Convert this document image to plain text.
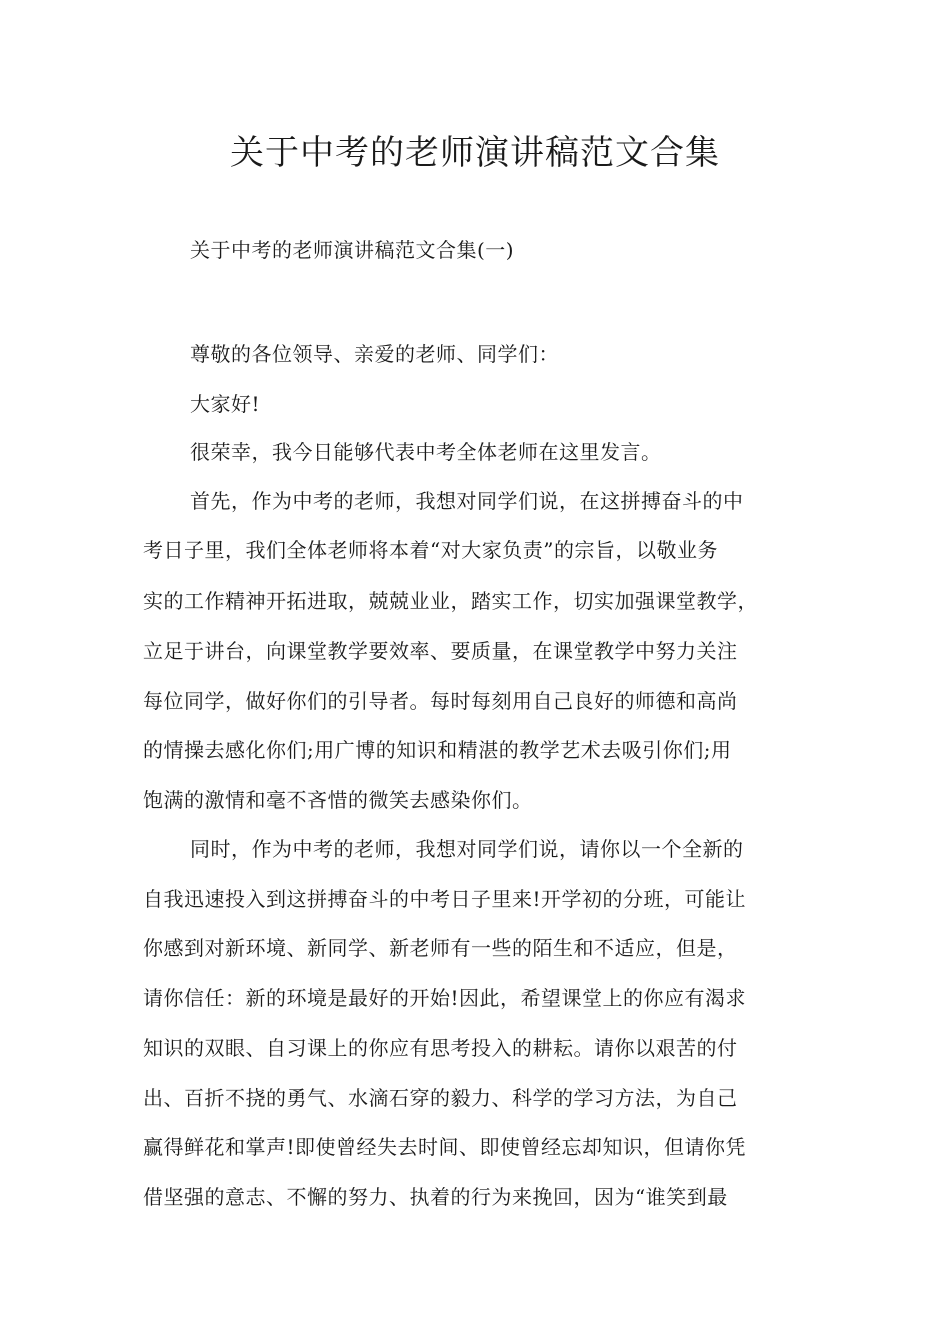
关于中考的老师演讲稿范文合集
关于中考的老师演讲稿范文合集(一)
尊敬的各位领导、亲爱的老师、同学们：
大家好!
很荣幸，我今日能够代表中考全体老师在这里发言。
首先，作为中考的老师，我想对同学们说，在这拼搏奋斗的中
考日子里，我们全体老师将本着“对大家负责”的宗旨，以敬业务
实的工作精神开拓进取，兢兢业业，踏实工作，切实加强课堂教学，
立足于讲台，向课堂教学要效率、要质量，在课堂教学中努力关注
每位同学，做好你们的引导者。每时每刻用自己良好的师德和高尚
的情操去感化你们;用广博的知识和精湛的教学艺术去吸引你们;用
饱满的激情和毫不吝惜的微笑去感染你们。
同时，作为中考的老师，我想对同学们说，请你以一个全新的
自我迅速投入到这拼搏奋斗的中考日子里来!开学初的分班，可能让
你感到对新环境、新同学、新老师有一些的陌生和不适应，但是，
请你信任：新的环境是最好的开始!因此，希望课堂上的你应有渴求
知识的双眼、自习课上的你应有思考投入的耕耘。请你以艰苦的付
出、百折不挠的勇气、水滴石穿的毅力、科学的学习方法，为自己
赢得鲜花和掌声!即使曾经失去时间、即使曾经忘却知识，但请你凭
借坚强的意志、不懈的努力、执着的行为来挽回，因为“谁笑到最
